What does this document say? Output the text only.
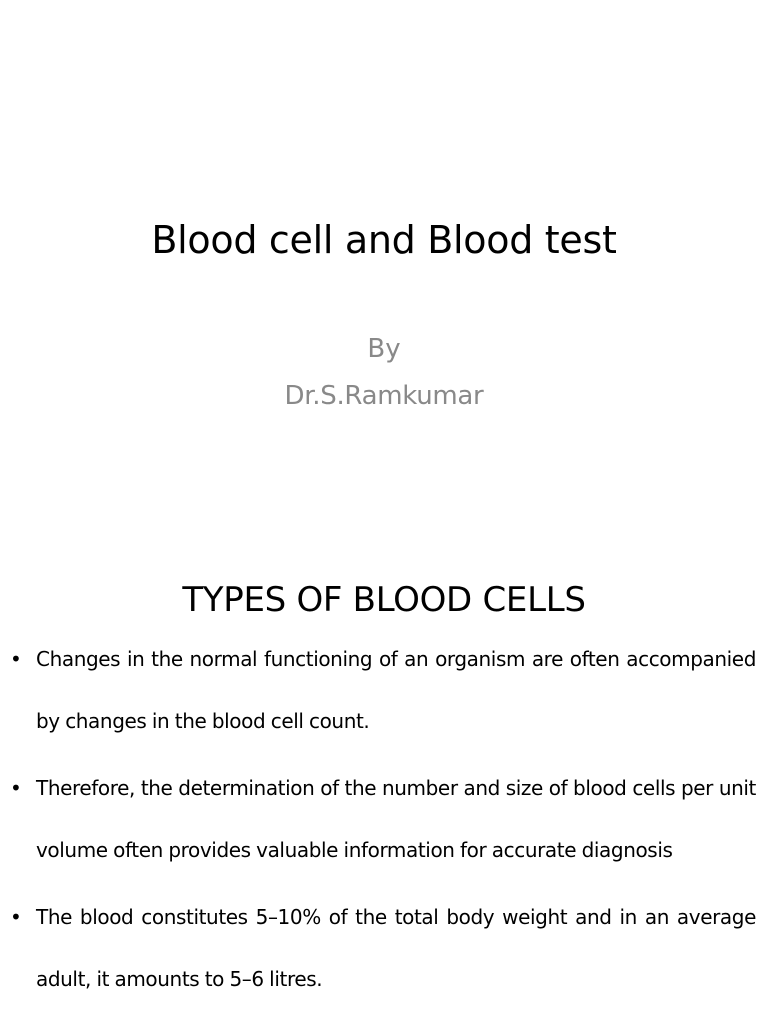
Blood cell and Blood test
By
Dr.S.Ramkumar
TYPES OF BLOOD CELLS
• Changes in the normal functioning of an organism are often accompanied by changes in the blood cell count.
• Therefore, the determination of the number and size of blood cells per unit volume often provides valuable information for accurate diagnosis
• The blood constitutes 5–10% of the total body weight and in an average adult, it amounts to 5–6 litres.
